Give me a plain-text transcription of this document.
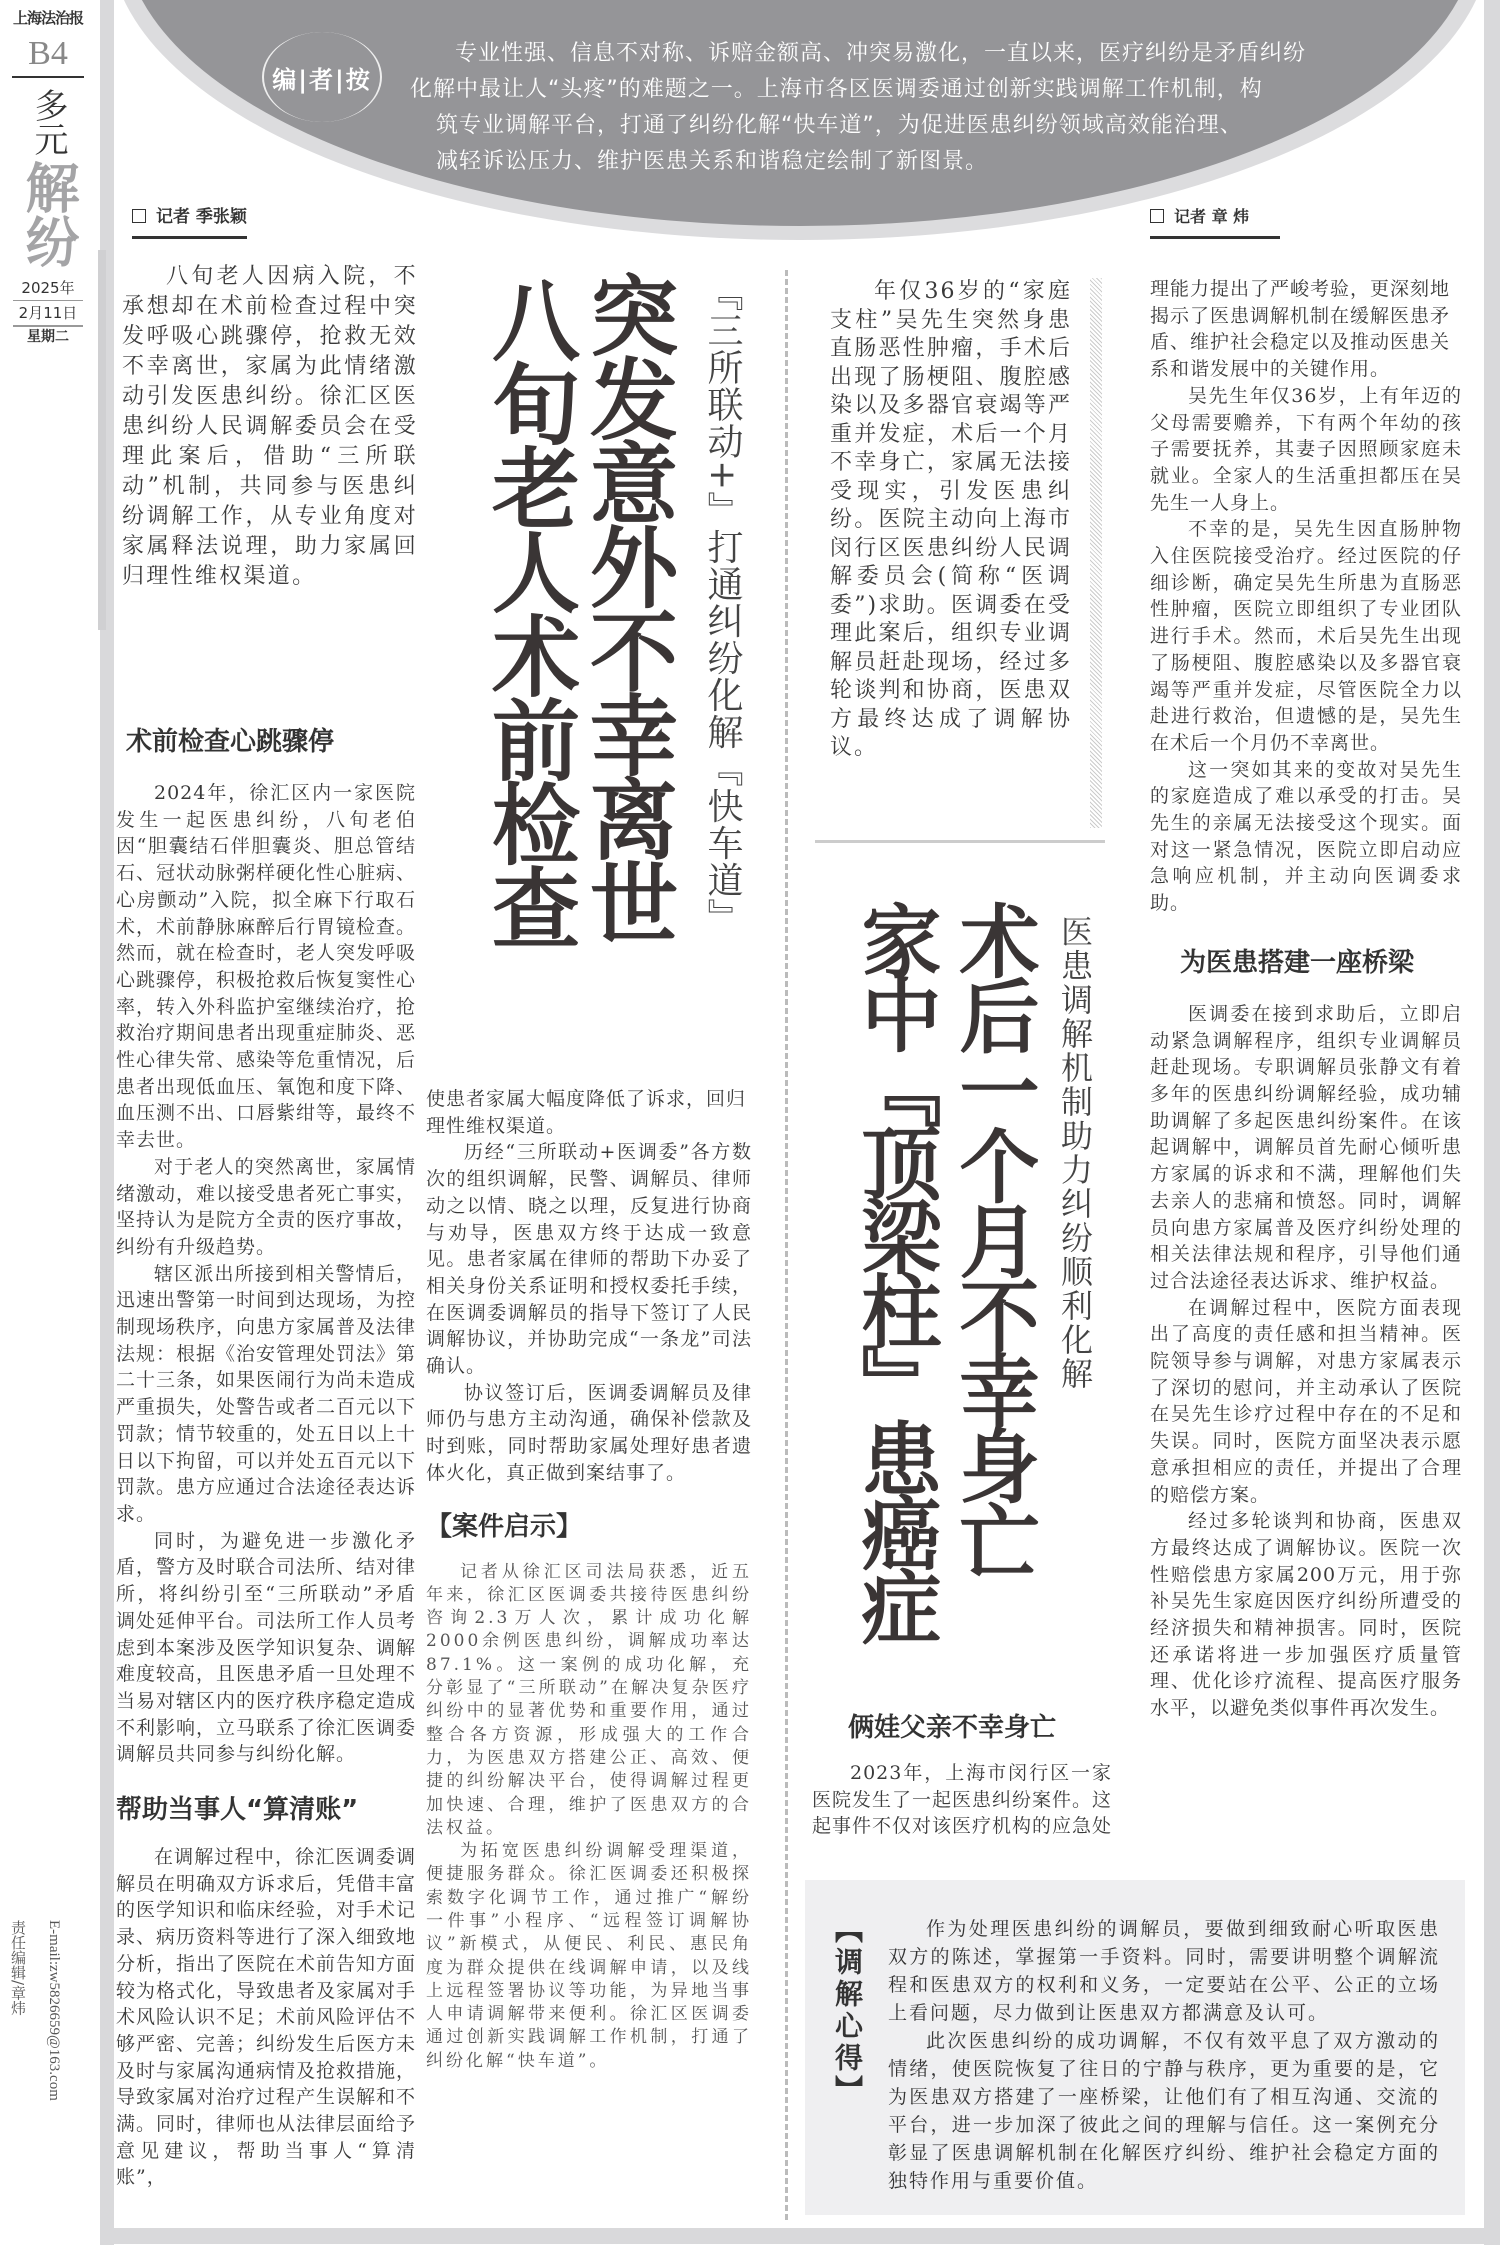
上海法治报
B4
多元
解纷
2025年
2月11日
星期二
责任编辑/章炜 E-mail:zw5826659@163.com
编|者|按
专业性强、信息不对称、诉赔金额高、冲突易激化，一直以来，医疗纠纷是矛盾纠纷
化解中最让人“头疼”的难题之一。上海市各区医调委通过创新实践调解工作机制，构
筑专业调解平台，打通了纠纷化解“快车道”，为促进医患纠纷领域高效能治理、
减轻诉讼压力、维护医患关系和谐稳定绘制了新图景。
记者 季张颖
八旬老人因病入院，不承想却在术前检查过程中突发呼吸心跳骤停，抢救无效不幸离世，家属为此情绪激动引发医患纠纷。徐汇区医患纠纷人民调解委员会在受理此案后，借助“三所联动”机制，共同参与医患纠纷调解工作，从专业角度对家属释法说理，助力家属回归理性维权渠道。	突发意外不幸离世
八旬老人术前检查	『三所联动+』打通纠纷化解『快车道』
术前检查心跳骤停

2024年，徐汇区内一家医院发生一起医患纠纷，八旬老伯因“胆囊结石伴胆囊炎、胆总管结石、冠状动脉粥样硬化性心脏病、心房颤动”入院，拟全麻下行取石术，术前静脉麻醉后行胃镜检查。然而，就在检查时，老人突发呼吸心跳骤停，积极抢救后恢复窦性心率，转入外科监护室继续治疗，抢救治疗期间患者出现重症肺炎、恶性心律失常、感染等危重情况，后患者出现低血压、氧饱和度下降、血压测不出、口唇紫绀等，最终不幸去世。

对于老人的突然离世，家属情绪激动，难以接受患者死亡事实，坚持认为是院方全责的医疗事故，纠纷有升级趋势。

辖区派出所接到相关警情后，迅速出警第一时间到达现场，为控制现场秩序，向患方家属普及法律法规：根据《治安管理处罚法》第二十三条，如果医闹行为尚未造成严重损失，处警告或者二百元以下罚款；情节较重的，处五日以上十日以下拘留，可以并处五百元以下罚款。患方应通过合法途径表达诉求。

同时，为避免进一步激化矛盾，警方及时联合司法所、结对律所，将纠纷引至“三所联动”矛盾调处延伸平台。司法所工作人员考虑到本案涉及医学知识复杂、调解难度较高，且医患矛盾一旦处理不当易对辖区内的医疗秩序稳定造成不利影响，立马联系了徐汇医调委调解员共同参与纠纷化解。

帮助当事人“算清账”

在调解过程中，徐汇医调委调解员在明确双方诉求后，凭借丰富的医学知识和临床经验，对手术记录、病历资料等进行了深入细致地分析，指出了医院在术前告知方面较为格式化，导致患者及家属对手术风险认识不足；术前风险评估不够严密、完善；纠纷发生后医方未及时与家属沟通病情及抢救措施，导致家属对治疗过程产生误解和不满。同时，律师也从法律层面给予意见建议，帮助当事人“算清账”，

使患者家属大幅度降低了诉求，回归理性维权渠道。

历经“三所联动+医调委”各方数次的组织调解，民警、调解员、律师动之以情、晓之以理，反复进行协商与劝导，医患双方终于达成一致意见。患者家属在律师的帮助下办妥了相关身份关系证明和授权委托手续，在医调委调解员的指导下签订了人民调解协议，并协助完成“一条龙”司法确认。

协议签订后，医调委调解员及律师仍与患方主动沟通，确保补偿款及时到账，同时帮助家属处理好患者遗体火化，真正做到案结事了。

【案件启示】

记者从徐汇区司法局获悉，近五年来，徐汇区医调委共接待医患纠纷咨询2.3万人次，累计成功化解2000余例医患纠纷，调解成功率达87.1%。这一案例的成功化解，充分彰显了“三所联动”在解决复杂医疗纠纷中的显著优势和重要作用，通过整合各方资源，形成强大的工作合力，为医患双方搭建公正、高效、便捷的纠纷解决平台，使得调解过程更加快速、合理，维护了医患双方的合法权益。

为拓宽医患纠纷调解受理渠道，便捷服务群众。徐汇医调委还积极探索数字化调节工作，通过推广“解纷一件事”小程序、“远程签订调解协议”新模式，从便民、利民、惠民角度为群众提供在线调解申请，以及线上远程签署协议等功能，为异地当事人申请调解带来便利。徐汇区医调委通过创新实践调解工作机制，打通了纠纷化解“快车道”。

年仅36岁的“家庭支柱”吴先生突然身患直肠恶性肿瘤，手术后出现了肠梗阻、腹腔感染以及多器官衰竭等严重并发症，术后一个月不幸身亡，家属无法接受现实，引发医患纠纷。医院主动向上海市闵行区医患纠纷人民调解委员会(简称“医调委”)求助。医调委在受理此案后，组织专业调解员赶赴现场，经过多轮谈判和协商，医患双方最终达成了调解协议。
医患调解机制助力纠纷顺利化解
术后一个月不幸身亡
家中『顶梁柱』患癌症
俩娃父亲不幸身亡

2023年，上海市闵行区一家医院发生了一起医患纠纷案件。这起事件不仅对该医疗机构的应急处

记者 章 炜

理能力提出了严峻考验，更深刻地揭示了医患调解机制在缓解医患矛盾、维护社会稳定以及推动医患关系和谐发展中的关键作用。

吴先生年仅36岁，上有年迈的父母需要赡养，下有两个年幼的孩子需要抚养，其妻子因照顾家庭未就业。全家人的生活重担都压在吴先生一人身上。

不幸的是，吴先生因直肠肿物入住医院接受治疗。经过医院的仔细诊断，确定吴先生所患为直肠恶性肿瘤，医院立即组织了专业团队进行手术。然而，术后吴先生出现了肠梗阻、腹腔感染以及多器官衰竭等严重并发症，尽管医院全力以赴进行救治，但遗憾的是，吴先生在术后一个月仍不幸离世。

这一突如其来的变故对吴先生的家庭造成了难以承受的打击。吴先生的亲属无法接受这个现实。面对这一紧急情况，医院立即启动应急响应机制，并主动向医调委求助。

为医患搭建一座桥梁

医调委在接到求助后，立即启动紧急调解程序，组织专业调解员赶赴现场。专职调解员张静文有着多年的医患纠纷调解经验，成功辅助调解了多起医患纠纷案件。在该起调解中，调解员首先耐心倾听患方家属的诉求和不满，理解他们失去亲人的悲痛和愤怒。同时，调解员向患方家属普及医疗纠纷处理的相关法律法规和程序，引导他们通过合法途径表达诉求、维护权益。

在调解过程中，医院方面表现出了高度的责任感和担当精神。医院领导参与调解，对患方家属表示了深切的慰问，并主动承认了医院在吴先生诊疗过程中存在的不足和失误。同时，医院方面坚决表示愿意承担相应的责任，并提出了合理的赔偿方案。

经过多轮谈判和协商，医患双方最终达成了调解协议。医院一次性赔偿患方家属200万元，用于弥补吴先生家庭因医疗纠纷所遭受的经济损失和精神损害。同时，医院还承诺将进一步加强医疗质量管理、优化诊疗流程、提高医疗服务水平，以避免类似事件再次发生。

【调解心得】	作为处理医患纠纷的调解员，要做到细致耐心听取医患双方的陈述，掌握第一手资料。同时，需要讲明整个调解流程和医患双方的权利和义务，一定要站在公平、公正的立场上看问题，尽力做到让医患双方都满意及认可。

此次医患纠纷的成功调解，不仅有效平息了双方激动的情绪，使医院恢复了往日的宁静与秩序，更为重要的是，它为医患双方搭建了一座桥梁，让他们有了相互沟通、交流的平台，进一步加深了彼此之间的理解与信任。这一案例充分彰显了医患调解机制在化解医疗纠纷、维护社会稳定方面的独特作用与重要价值。
